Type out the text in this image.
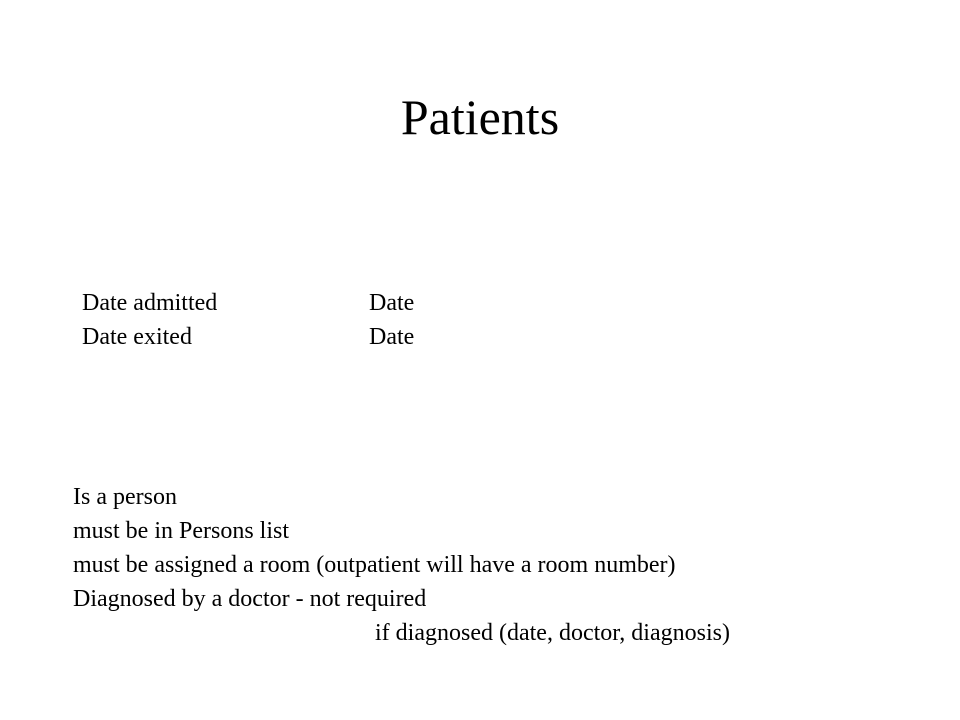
Patients
Date admitted	Date
Date exited	Date
Is a person
must be in Persons list
must be assigned a room (outpatient will have a room number)
Diagnosed by a doctor - not required
if diagnosed (date, doctor, diagnosis)
